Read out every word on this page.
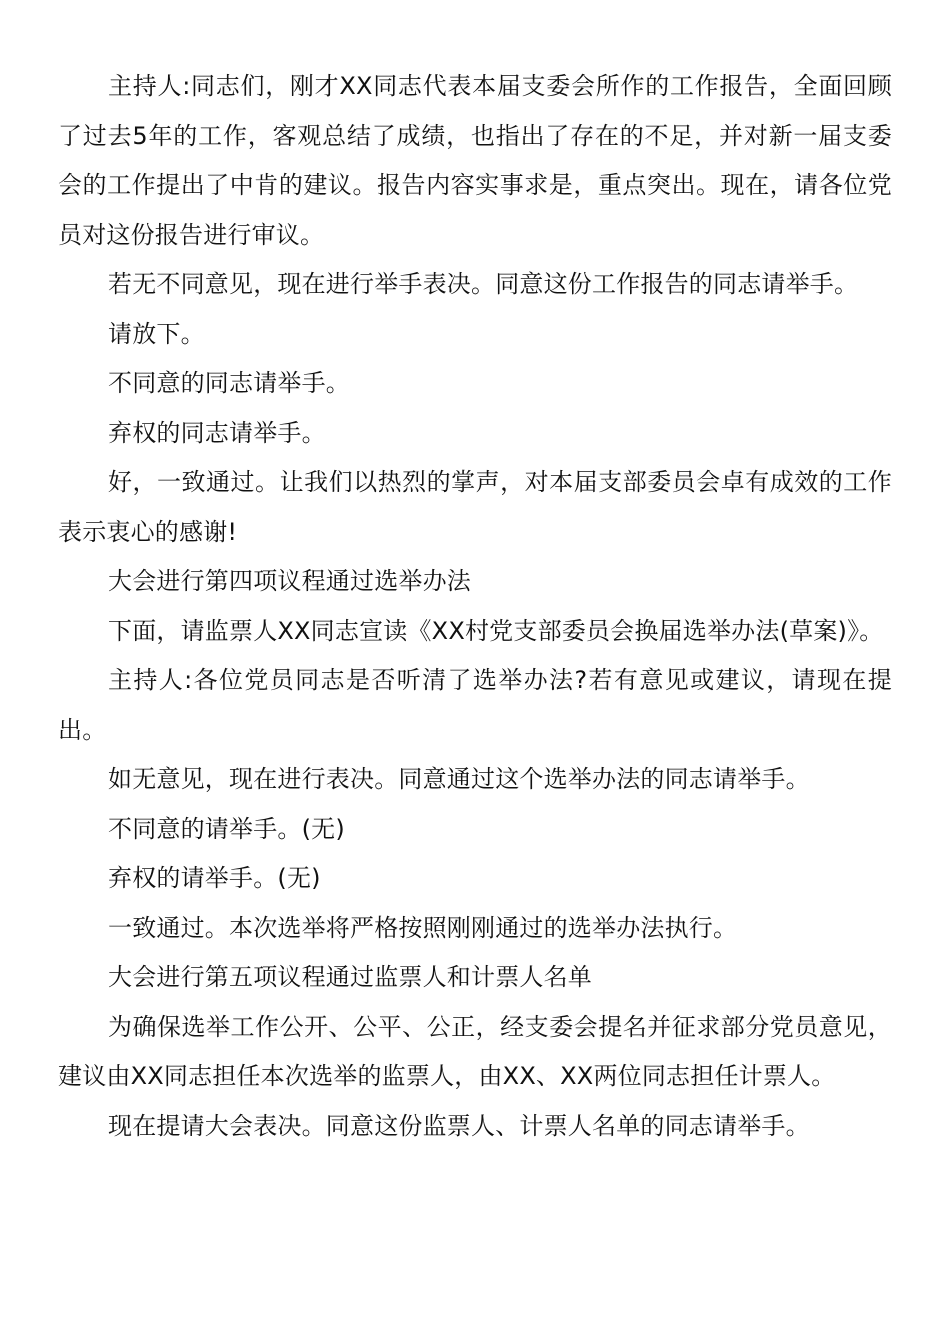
主持人:同志们，刚才XX同志代表本届支委会所作的工作报告，全面回顾了过去5年的工作，客观总结了成绩，也指出了存在的不足，并对新一届支委会的工作提出了中肯的建议。报告内容实事求是，重点突出。现在，请各位党员对这份报告进行审议。

若无不同意见，现在进行举手表决。同意这份工作报告的同志请举手。

请放下。

不同意的同志请举手。

弃权的同志请举手。

好，一致通过。让我们以热烈的掌声，对本届支部委员会卓有成效的工作表示衷心的感谢!

大会进行第四项议程通过选举办法

下面，请监票人XX同志宣读《XX村党支部委员会换届选举办法(草案)》。

主持人:各位党员同志是否听清了选举办法?若有意见或建议，请现在提出。

如无意见，现在进行表决。同意通过这个选举办法的同志请举手。

不同意的请举手。(无)

弃权的请举手。(无)

一致通过。本次选举将严格按照刚刚通过的选举办法执行。

大会进行第五项议程通过监票人和计票人名单

为确保选举工作公开、公平、公正，经支委会提名并征求部分党员意见，建议由XX同志担任本次选举的监票人，由XX、XX两位同志担任计票人。

现在提请大会表决。同意这份监票人、计票人名单的同志请举手。
